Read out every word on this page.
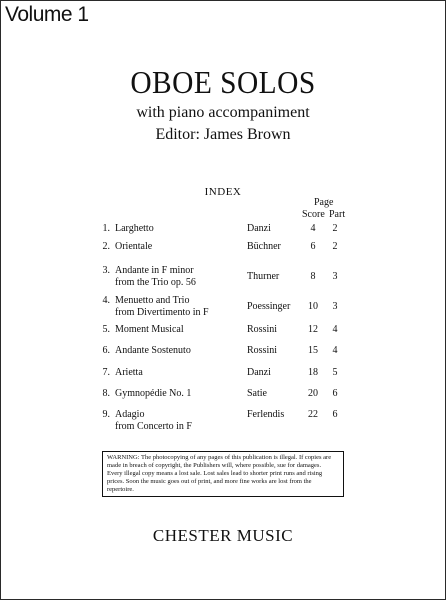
Volume 1
OBOE SOLOS
with piano accompaniment
Editor: James Brown
INDEX
Page
Score Part
1. Larghetto	Danzi	4	2
2. Orientale	Büchner	6	2
3. Andante in F minor
from the Trio op. 56
Thurner	8	3
4. Menuetto and Trio
from Divertimento in F
Poessinger	10	3
5. Moment Musical	Rossini	12	4
6. Andante Sostenuto	Rossini	15	4
7. Arietta	Danzi	18	5
8. Gymnopédie No. 1	Satie	20	6
9. Adagio
from Concerto in F
Ferlendis	22	6

WARNING: The photocopying of any pages of this publication is illegal. If copies are made in breach of copyright, the Publishers will, where possible, sue for damages.

Every illegal copy means a lost sale. Lost sales lead to shorter print runs and rising prices. Soon the music goes out of print, and more fine works are lost from the repertoire.

CHESTER MUSIC
